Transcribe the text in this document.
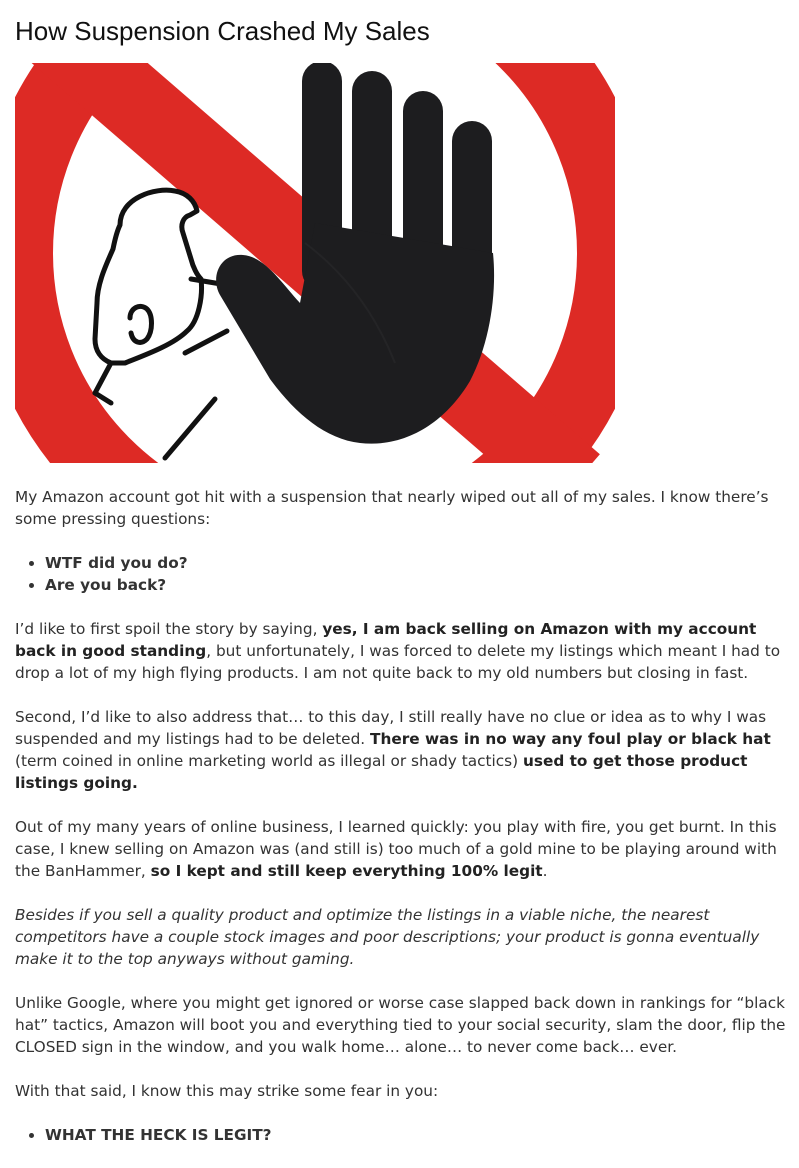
How Suspension Crashed My Sales

My Amazon account got hit with a suspension that nearly wiped out all of my sales. I know there’s some pressing questions:

• WTF did you do?
• Are you back?

I’d like to first spoil the story by saying, yes, I am back selling on Amazon with my account back in good standing, but unfortunately, I was forced to delete my listings which meant I had to drop a lot of my high flying products. I am not quite back to my old numbers but closing in fast.

Second, I’d like to also address that… to this day, I still really have no clue or idea as to why I was suspended and my listings had to be deleted. There was in no way any foul play or black hat (term coined in online marketing world as illegal or shady tactics) used to get those product listings going.

Out of my many years of online business, I learned quickly: you play with fire, you get burnt. In this case, I knew selling on Amazon was (and still is) too much of a gold mine to be playing around with the BanHammer, so I kept and still keep everything 100% legit.

Besides if you sell a quality product and optimize the listings in a viable niche, the nearest competitors have a couple stock images and poor descriptions; your product is gonna eventually make it to the top anyways without gaming.

Unlike Google, where you might get ignored or worse case slapped back down in rankings for “black hat” tactics, Amazon will boot you and everything tied to your social security, slam the door, flip the CLOSED sign in the window, and you walk home… alone… to never come back… ever.

With that said, I know this may strike some fear in you:

• WHAT THE HECK IS LEGIT?
